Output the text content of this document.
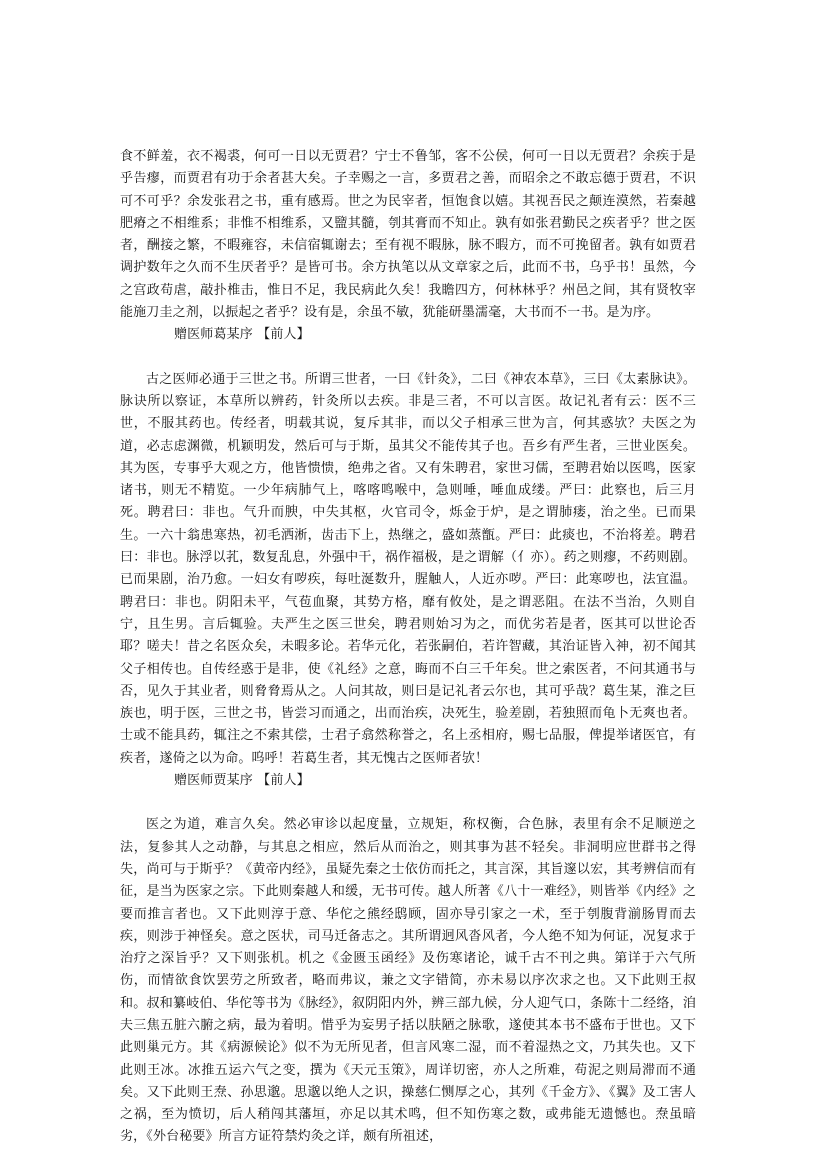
食不鲜羞，衣不褐裘，何可一日以无贾君？宁士不鲁邹，客不公侯，何可一日以无贾君？余疾于是乎告瘳，而贾君有功于余者甚大矣。子幸赐之一言，多贾君之善，而昭余之不敢忘德于贾君，不识可不可乎？余发张君之书，重有感焉。世之为民宰者，恒饱食以嬉。其视吾民之颠连漠然，若秦越肥瘠之不相维系；非惟不相维系，又盬其髓，刳其膏而不知止。孰有如张君勤民之疾者乎？世之医者，酬接之繁，不暇雍容，未信宿辄谢去；至有视不暇脉，脉不暇方，而不可挽留者。孰有如贾君调护数年之久而不生厌者乎？是皆可书。余方执笔以从文章家之后，此而不书，乌乎书！虽然，今之宫政苟虐，敲扑椎击，惟日不足，我民病此久矣！我瞻四方，何林林乎？州邑之间，其有贤牧宰能施刀圭之剂，以振起之者乎？设有是，余虽不敏，犹能研墨濡毫，大书而不一书。是为序。

赠医师葛某序 【前人】

古之医师必通于三世之书。所谓三世者，一曰《针灸》，二曰《神农本草》，三曰《太素脉诀》。脉诀所以察证，本草所以辨药，针灸所以去疾。非是三者，不可以言医。故记礼者有云：医不三世，不服其药也。传经者，明载其说，复斥其非，而以父子相承三世为言，何其惑欤？夫医之为道，必志虑渊微，机颖明发，然后可与于斯，虽其父不能传其子也。吾乡有严生者，三世业医矣。其为医，专事乎大观之方，他皆愦愦，绝弗之省。又有朱聘君，家世习儒，至聘君始以医鸣，医家诸书，则无不精览。一少年病肺气上，喀喀鸣喉中，急则唾，唾血成缕。严曰：此察也，后三月死。聘君曰：非也。气升而腴，中失其枢，火官司令，烁金于炉，是之谓肺瘘，治之坐。已而果生。一六十翁患寒热，初毛洒淅，齿击下上，热继之，盛如蒸甑。严曰：此痰也，不治将差。聘君曰：非也。脉浮以芤，数复乱息，外强中干，祸作福极，是之谓解（亻亦）。药之则瘳，不药则剧。已而果剧，治乃愈。一妇女有哕疾，每吐涎数升，腥触人，人近亦哕。严曰：此寒哕也，法宜温。聘君曰：非也。阴阳未平，气苞血聚，其势方格，靡有攸处，是之谓恶阻。在法不当治，久则自宁，且生男。言后辄验。夫严生之医三世矣，聘君则始习为之，而优劣若是者，医其可以世论否耶？嗟夫！昔之名医众矣，未暇多论。若华元化，若张嗣伯，若许智藏，其治证皆入神，初不闻其父子相传也。自传经惑于是非，使《礼经》之意，晦而不白三千年矣。世之索医者，不问其通书与否，见久于其业者，则脅脅焉从之。人问其故，则曰是记礼者云尔也，其可乎哉？葛生某，淮之巨族也，明于医，三世之书，皆尝习而通之，出而治疾，决死生，验差剧，若独照而龟卜无爽也者。士或不能具药，辄注之不索其偿，士君子翕然称誉之，名上丞相府，赐七品服，俾提举诸医官，有疾者，遂倚之以为命。呜呼！若葛生者，其无愧古之医师者欤！

赠医师贾某序 【前人】

医之为道，难言久矣。然必审诊以起度量，立规矩，称权衡，合色脉，表里有余不足顺逆之法，复参其人之动静，与其息之相应，然后从而治之，则其事为甚不轻矣。非洞明应世群书之得失，尚可与于斯乎？《黄帝内经》，虽疑先秦之士依仿而托之，其言深，其旨邃以宏，其考辨信而有征，是当为医家之宗。下此则秦越人和缓，无书可传。越人所著《八十一难经》，则皆举《内经》之要而推言者也。又下此则淳于意、华佗之熊经鸱顾，固亦导引家之一术，至于刳腹背湔肠胃而去疾，则涉于神怪矣。意之医状，司马迁备志之。其所谓迥风沓风者，今人绝不知为何证，况复求于治疗之深旨乎？又下则张机。机之《金匮玉函经》及伤寒诸论，诚千古不刊之典。第详于六气所伤，而情欲食饮罢劳之所致者，略而弗议，兼之文字错简，亦未易以序次求之也。又下此则王叔和。叔和纂岐伯、华佗等书为《脉经》，叙阴阳内外，辨三部九候，分人迎气口，条陈十二经络，洎夫三焦五脏六腑之病，最为着明。惜乎为妄男子括以肤陋之脉歌，遂使其本书不盛布于世也。又下此则巢元方。其《病源候论》似不为无所见者，但言风寒二湿，而不着湿热之文，乃其失也。又下此则王冰。冰推五运六气之变，撰为《天元玉策》，周详切密，亦人之所难，苟泥之则局滞而不通矣。又下此则王焘、孙思邈。思邈以绝人之识，操慈仁恻厚之心，其列《千金方》、《翼》及工害人之祸，至为愤切，后人稍闯其藩垣，亦足以其术鸣，但不知伤寒之数，或弗能无遗憾也。焘虽暗劣，《外台秘要》所言方证符禁灼灸之详，颇有所祖述，
